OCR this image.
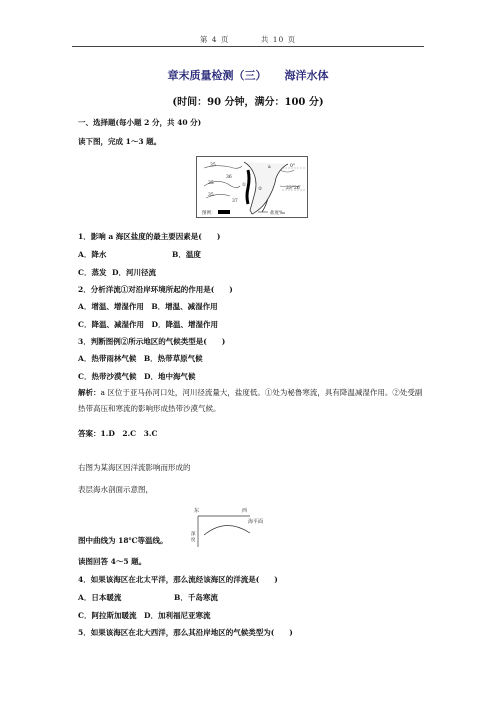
第 4 页	共 10 页
章末质量检测（三） 海洋水体
(时间：90 分钟，满分：100 分)
一、选择题(每小题 2 分，共 40 分)
读下图，完成 1～3 题。
35
35
36
35
37
0°
23°26′
a
①
②
图例：	盐度‰
1．影响 a 海区盐度的最主要因素是(　　)
A．降水	B．温度
C．蒸发 D．河川径流
2．分析洋流①对沿岸环境所起的作用是(　　)
A．增温、增湿作用　B．增温、减湿作用
C．降温、减湿作用　D．降温、增湿作用
3．判断图例②所示地区的气候类型是(　　)
A．热带雨林气候　B．热带草原气候
C．热带沙漠气候　D．地中海气候
解析：a 区位于亚马孙河口处，河川径流量大，盐度低。①处为秘鲁寒流，具有降温减湿作用。②处受副热带高压和寒流的影响形成热带沙漠气候。
答案：1.D　2.C　3.C
右图为某海区因洋流影响而形成的
表层海水剖面示意图，
东	西
海平面
深度
图中曲线为 18℃等温线。
读图回答 4～5 题。
4．如果该海区在北太平洋，那么流经该海区的洋流是(　　)
A．日本暖流	B．千岛寒流
C．阿拉斯加暖流　D．加利福尼亚寒流
5．如果该海区在北大西洋，那么其沿岸地区的气候类型为(　　)
